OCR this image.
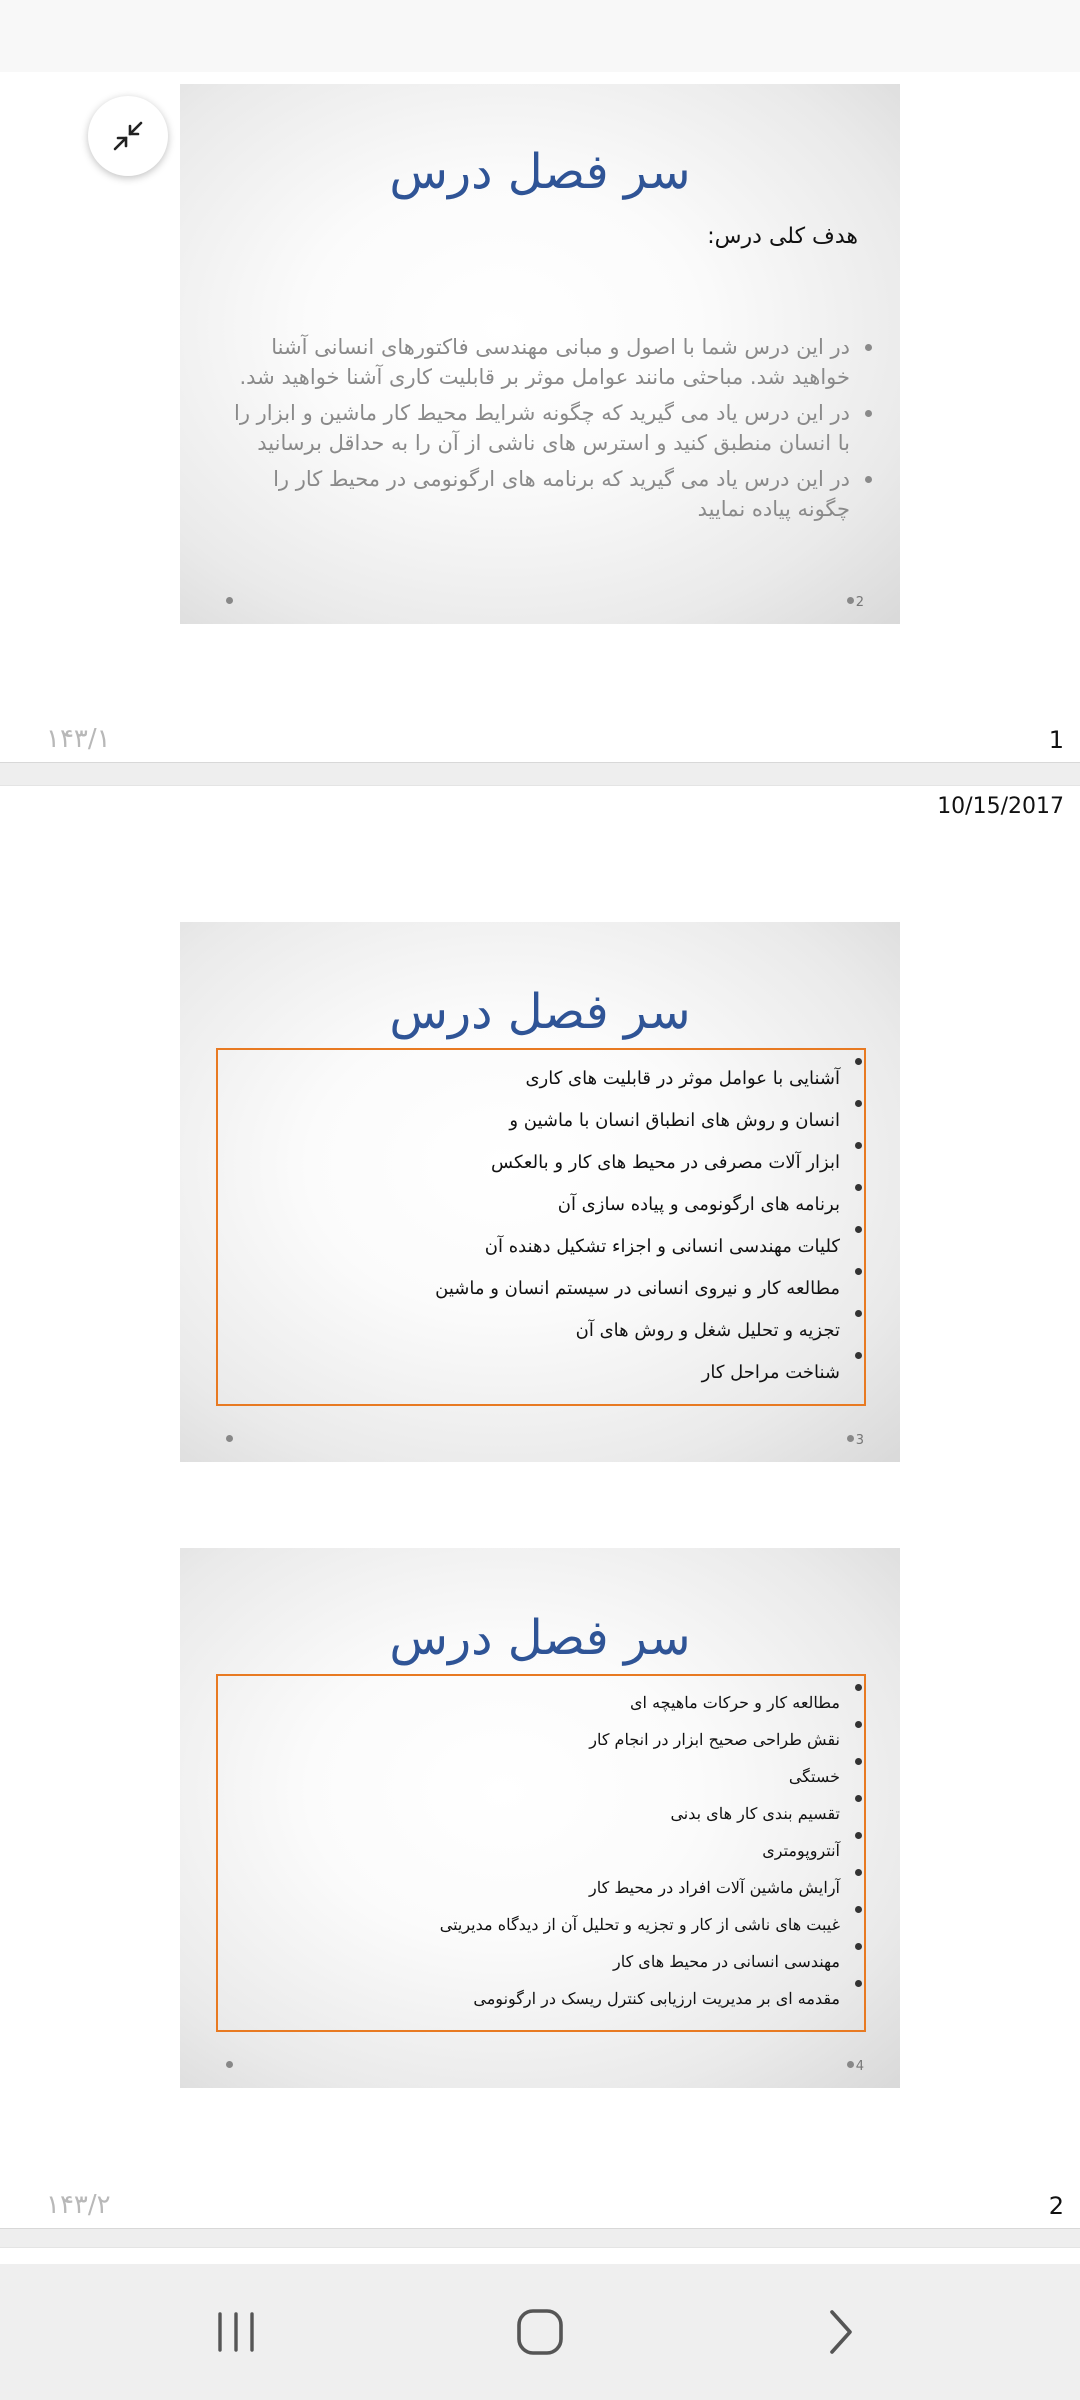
سر فصل درس
هدف کلی درس:
در این درس شما با اصول و مبانی مهندسی فاکتورهای انسانی آشنا خواهید شد. مباحثی مانند عوامل موثر بر قابلیت کاری آشنا خواهید شد.
در این درس یاد می گیرید که چگونه شرایط محیط کار ماشین و ابزار را با انسان منطبق کنید و استرس های ناشی از آن را به حداقل برسانید
در این درس یاد می گیرید که برنامه های ارگونومی در محیط کار را چگونه پیاده نمایید
2
۱۴۳/۱	1
10/15/2017
سر فصل درس
آشنایی با عوامل موثر در قابلیت های کاری
انسان و روش های انطباق انسان با ماشین و
ابزار آلات مصرفی در محیط های کار و بالعکس
برنامه های ارگونومی و پیاده سازی آن
کلیات مهندسی انسانی و اجزاء تشکیل دهنده آن
مطالعه کار و نیروی انسانی در سیستم انسان و ماشین
تجزیه و تحلیل شغل و روش های آن
شناخت مراحل کار
3
سر فصل درس
مطالعه کار و حرکات ماهیچه ای
نقش طراحی صحیح ابزار در انجام کار
خستگی
تقسیم بندی کار های بدنی
آنتروپومتری
آرایش ماشین آلات افراد در محیط کار
غیبت های ناشی از کار و تجزیه و تحلیل آن از دیدگاه مدیریتی
مهندسی انسانی در محیط های کار
مقدمه ای بر مدیریت ارزیابی کنترل ریسک در ارگونومی
4
۱۴۳/۲	2
